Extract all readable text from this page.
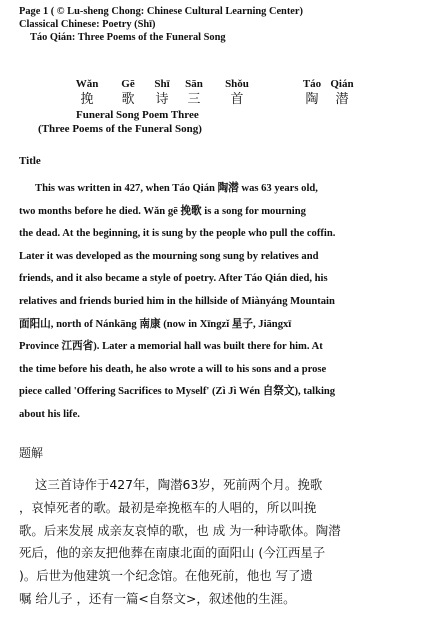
Page 1 ( © Lu-sheng Chong: Chinese Cultural Learning Center)
Classical Chinese: Poetry (Shī)
Táo Qián: Three Poems of the Funeral Song
Wǎn	Gē	Shī	Sān	Shǒu	Táo Qián
挽	歌	诗	三	首	陶	潜
Funeral Song Poem Three
(Three Poems of the Funeral Song)
Title
This was written in 427, when Táo Qián 陶潜 was 63 years old,
two months before he died. Wǎn gē 挽歌 is a song for mourning
the dead. At the beginning, it is sung by the people who pull the coffin.
Later it was developed as the mourning song sung by relatives and
friends, and it also became a style of poetry. After Táo Qián died, his
relatives and friends buried him in the hillside of Miànyáng Mountain
面阳山, north of Nánkāng 南康 (now in Xīngzǐ 星子, Jiāngxī
Province 江西省). Later a memorial hall was built there for him. At
the time before his death, he also wrote a will to his sons and a prose
piece called 'Offering Sacrifices to Myself' (Zì Jì Wén 自祭文), talking
about his life.
题解
这三首诗作于427年，陶潜63岁，死前两个月。挽歌
，哀悼死者的歌。最初是牵挽柩车的人唱的，所以叫挽
歌。后来发展 成亲友哀悼的歌，也 成 为一种诗歌体。陶潜
死后，他的亲友把他葬在南康北面的面阳山 (今江西星子
)。后世为他建筑一个纪念馆。在他死前，他也 写了遗
嘱 给儿子 ，还有一篇<自祭文>，叙述他的生涯。
